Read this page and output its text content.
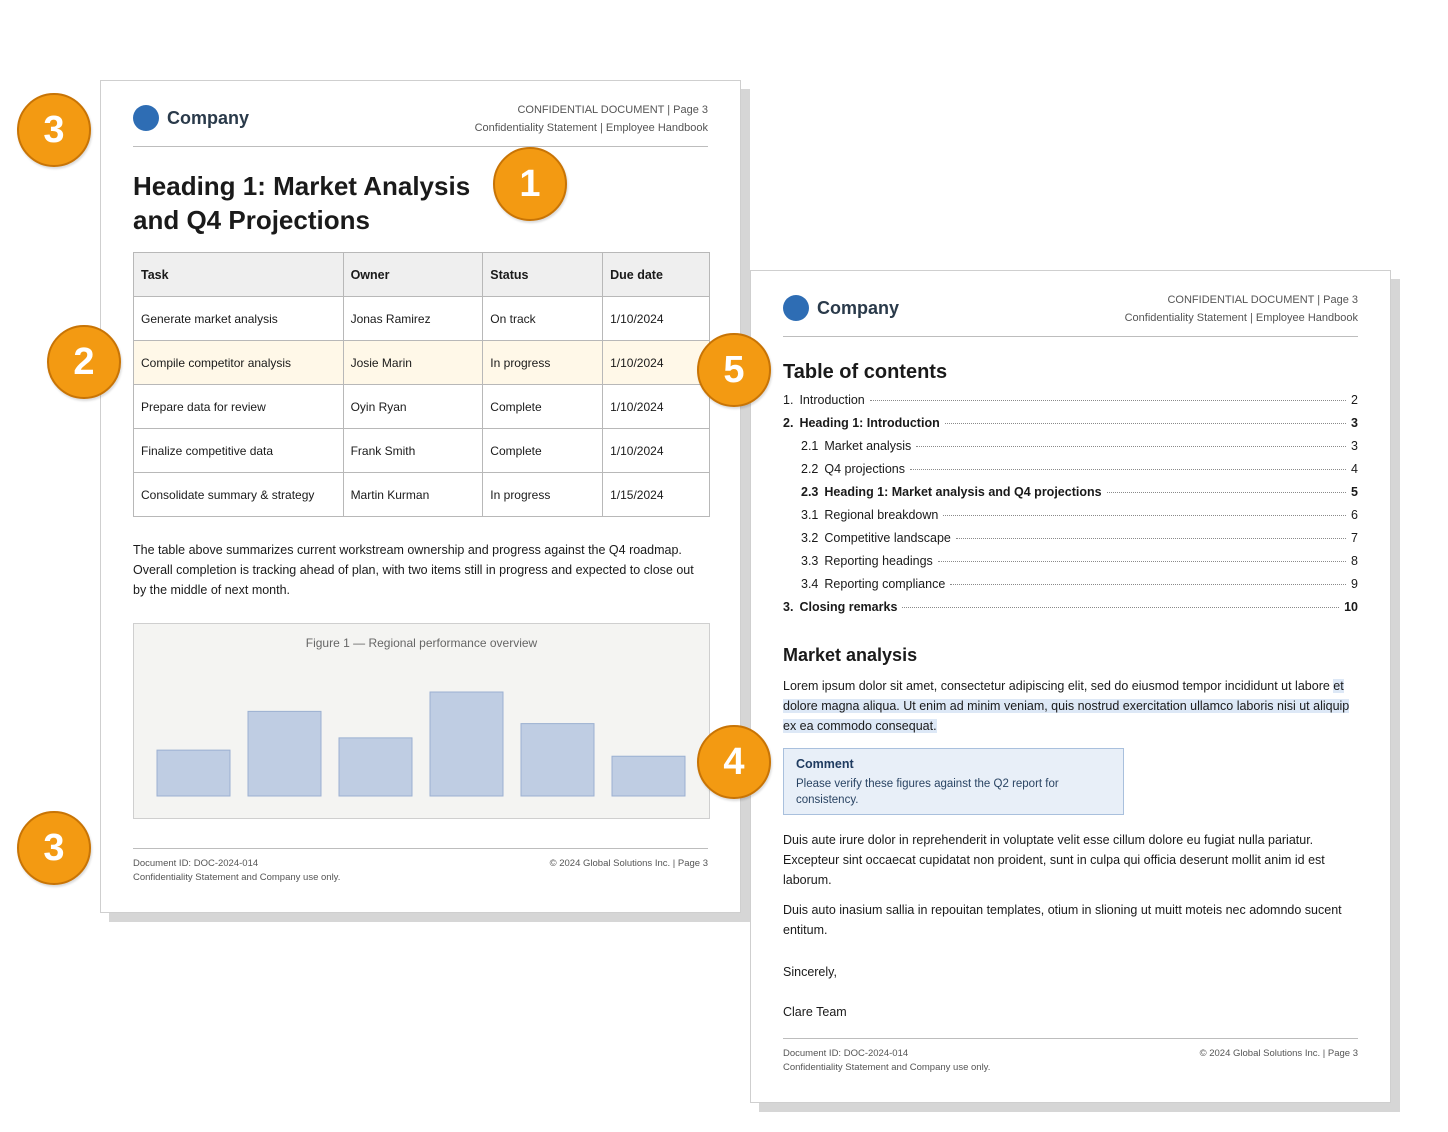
Company	CONFIDENTIAL DOCUMENT | Page 3
Confidentiality Statement | Employee Handbook
Heading 1: Market Analysis
and Q4 Projections
Task	Owner	Status	Due date
Generate market analysis	Jonas Ramirez	On track	1/10/2024
Compile competitor analysis	Josie Marin	In progress	1/10/2024
Prepare data for review	Oyin Ryan	Complete	1/10/2024
Finalize competitive data	Frank Smith	Complete	1/10/2024
Consolidate summary & strategy	Martin Kurman	In progress	1/15/2024

The table above summarizes current workstream ownership and progress against the Q4 roadmap. Overall completion is tracking ahead of plan, with two items still in progress and expected to close out by the middle of next month.

Figure 1 — Regional performance overview
Document ID: DOC-2024-014
Confidentiality Statement and Company use only.
© 2024 Global Solutions Inc. | Page 3
Company	CONFIDENTIAL DOCUMENT | Page 3
Confidentiality Statement | Employee Handbook
Table of contents
1. Introduction	2
2. Heading 1: Introduction	3
2.1 Market analysis	3
2.2 Q4 projections	4
2.3 Heading 1: Market analysis and Q4 projections	5
3.1 Regional breakdown	6
3.2 Competitive landscape	7
3.3 Reporting headings	8
3.4 Reporting compliance	9
3. Closing remarks	10
Market analysis

Lorem ipsum dolor sit amet, consectetur adipiscing elit, sed do eiusmod tempor incididunt ut labore et dolore magna aliqua. Ut enim ad minim veniam, quis nostrud exercitation ullamco laboris nisi ut aliquip ex ea commodo consequat.

Comment
Please verify these figures against the Q2 report for consistency.

Duis aute irure dolor in reprehenderit in voluptate velit esse cillum dolore eu fugiat nulla pariatur. Excepteur sint occaecat cupidatat non proident, sunt in culpa qui officia deserunt mollit anim id est laborum.

Duis auto inasium sallia in repouitan templates, otium in slioning ut muitt moteis nec adomndo sucent entitum.

Sincerely,

Clare Team

Document ID: DOC-2024-014
Confidentiality Statement and Company use only.
© 2024 Global Solutions Inc. | Page 3
1
2
3
3
4
5
